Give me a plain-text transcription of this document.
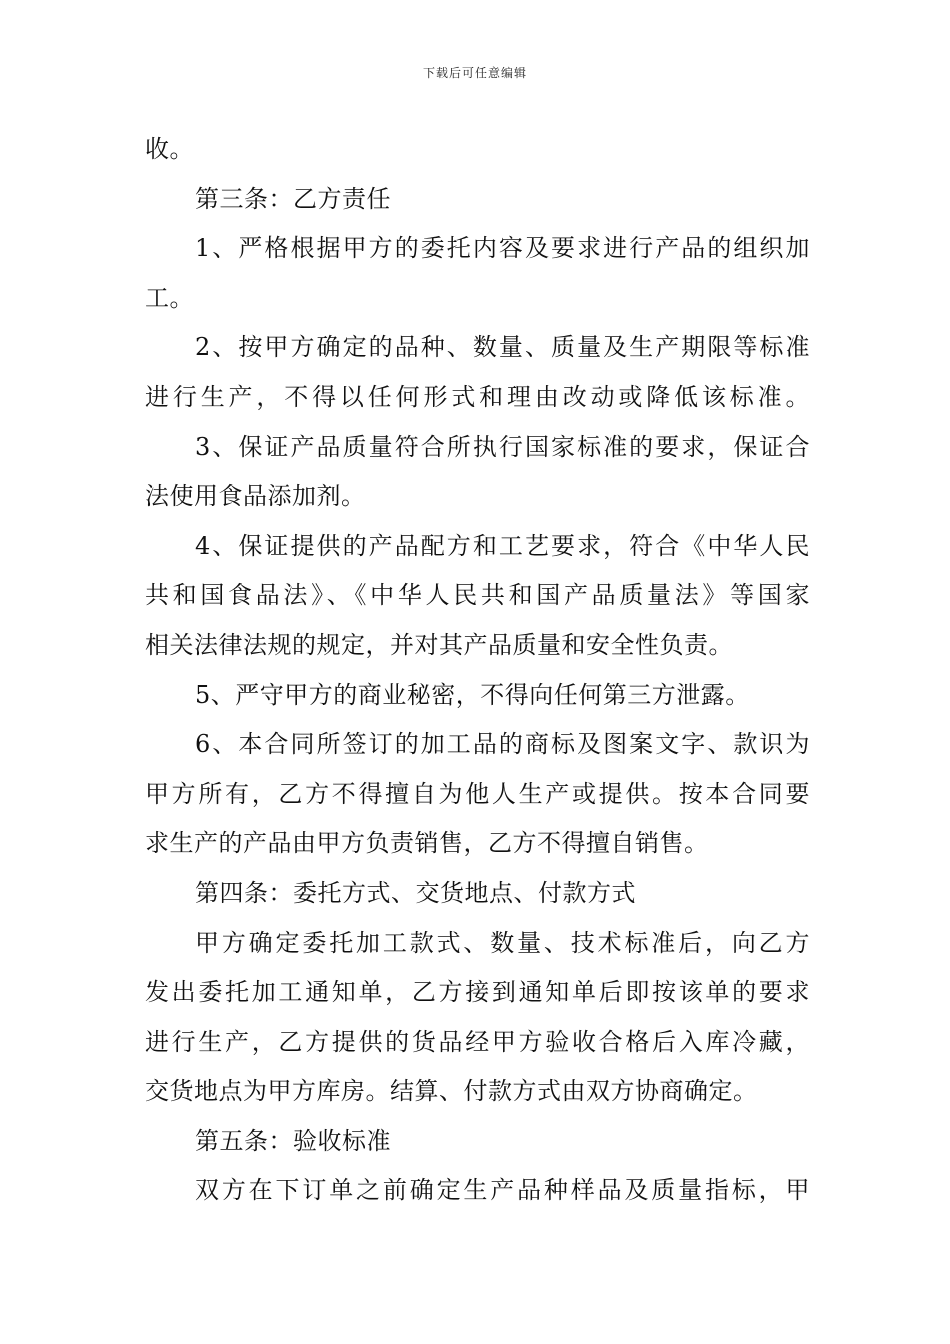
下载后可任意编辑
收。
第三条：乙方责任
1、严格根据甲方的委托内容及要求进行产品的组织加
工。
2、按甲方确定的品种、数量、质量及生产期限等标准
进行生产，不得以任何形式和理由改动或降低该标准。
3、保证产品质量符合所执行国家标准的要求，保证合
法使用食品添加剂。
4、保证提供的产品配方和工艺要求，符合《中华人民
共和国食品法》、《中华人民共和国产品质量法》等国家
相关法律法规的规定，并对其产品质量和安全性负责。
5、严守甲方的商业秘密，不得向任何第三方泄露。
6、本合同所签订的加工品的商标及图案文字、款识为
甲方所有，乙方不得擅自为他人生产或提供。按本合同要
求生产的产品由甲方负责销售，乙方不得擅自销售。
第四条：委托方式、交货地点、付款方式
甲方确定委托加工款式、数量、技术标准后，向乙方
发出委托加工通知单，乙方接到通知单后即按该单的要求
进行生产，乙方提供的货品经甲方验收合格后入库冷藏，
交货地点为甲方库房。结算、付款方式由双方协商确定。
第五条：验收标准
双方在下订单之前确定生产品种样品及质量指标，甲
